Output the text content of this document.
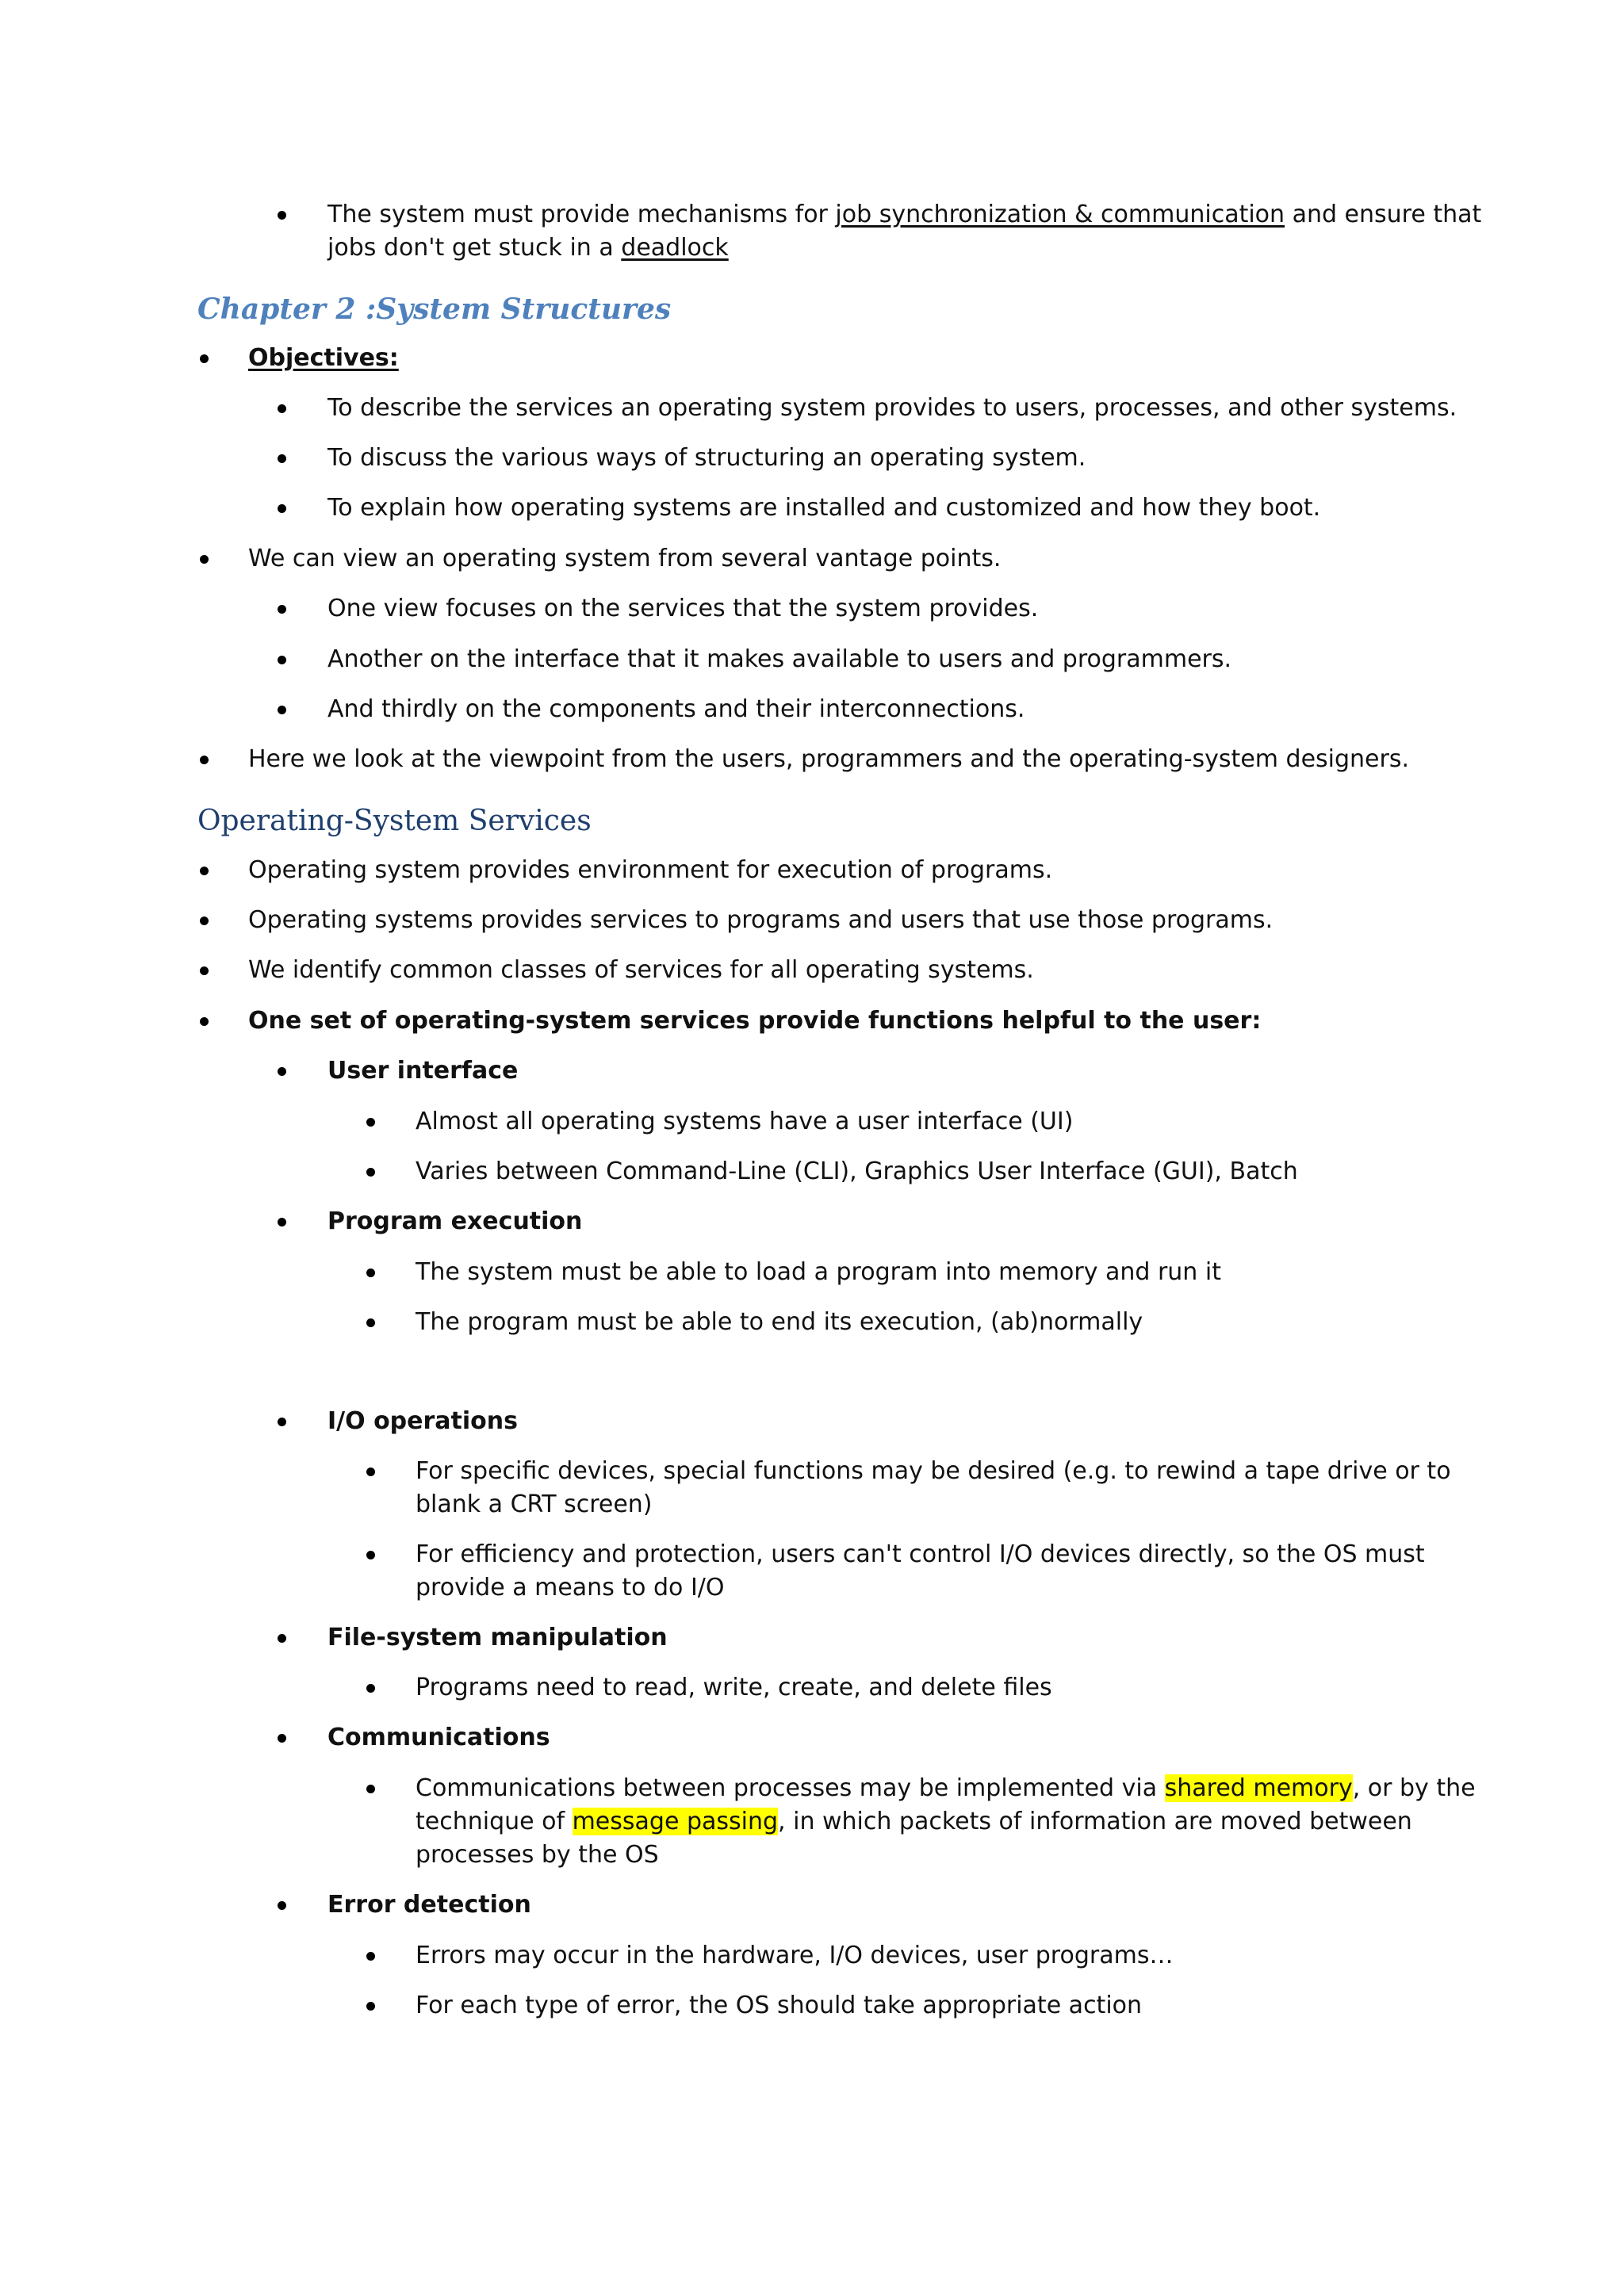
The system must provide mechanisms for job synchronization & communication and ensure that
jobs don't get stuck in a deadlock
Chapter 2 :System Structures
Objectives:
To describe the services an operating system provides to users, processes, and other systems.
To discuss the various ways of structuring an operating system.
To explain how operating systems are installed and customized and how they boot.
We can view an operating system from several vantage points.
One view focuses on the services that the system provides.
Another on the interface that it makes available to users and programmers.
And thirdly on the components and their interconnections.
Here we look at the viewpoint from the users, programmers and the operating-system designers.
Operating-System Services
Operating system provides environment for execution of programs.
Operating systems provides services to programs and users that use those programs.
We identify common classes of services for all operating systems.
One set of operating-system services provide functions helpful to the user:
User interface
Almost all operating systems have a user interface (UI)
Varies between Command-Line (CLI), Graphics User Interface (GUI), Batch
Program execution
The system must be able to load a program into memory and run it
The program must be able to end its execution, (ab)normally
I/O operations
For specific devices, special functions may be desired (e.g. to rewind a tape drive or to
blank a CRT screen)
For efficiency and protection, users can't control I/O devices directly, so the OS must
provide a means to do I/O
File-system manipulation
Programs need to read, write, create, and delete files
Communications
Communications between processes may be implemented via shared memory, or by the
technique of message passing, in which packets of information are moved between
processes by the OS
Error detection
Errors may occur in the hardware, I/O devices, user programs…
For each type of error, the OS should take appropriate action
